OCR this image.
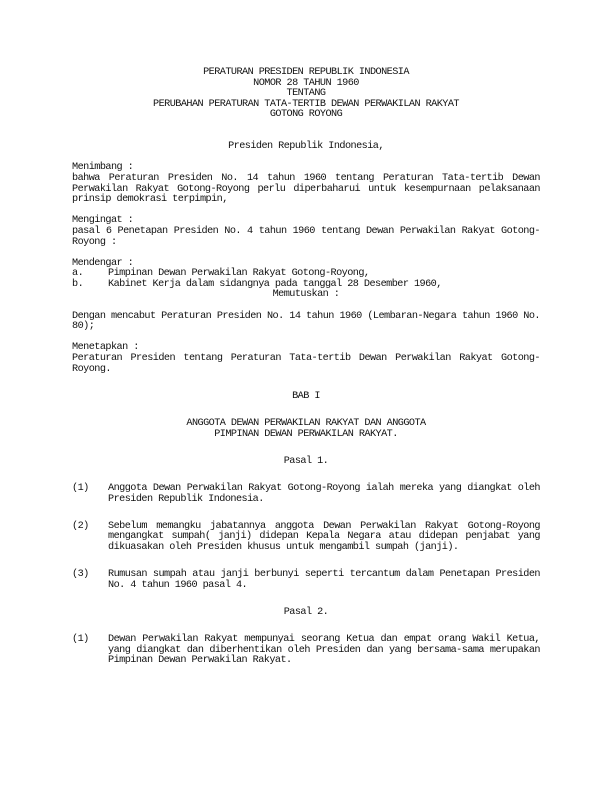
PERATURAN PRESIDEN REPUBLIK INDONESIA
NOMOR 28 TAHUN 1960
TENTANG
PERUBAHAN PERATURAN TATA-TERTIB DEWAN PERWAKILAN RAKYAT
GOTONG ROYONG
Presiden Republik Indonesia,
Menimbang :
bahwa Peraturan Presiden No. 14 tahun 1960 tentang Peraturan Tata-tertib Dewan Perwakilan Rakyat Gotong-Royong perlu diperbaharui untuk kesempurnaan pelaksanaan prinsip demokrasi terpimpin,
Mengingat :
pasal 6 Penetapan Presiden No. 4 tahun 1960 tentang Dewan Perwakilan Rakyat Gotong-Royong :
Mendengar :
a.	Pimpinan Dewan Perwakilan Rakyat Gotong-Royong,
b.	Kabinet Kerja dalam sidangnya pada tanggal 28 Desember 1960,
Memutuskan :
Dengan mencabut Peraturan Presiden No. 14 tahun 1960 (Lembaran-Negara tahun 1960 No. 80);
Menetapkan :
Peraturan Presiden tentang Peraturan Tata-tertib Dewan Perwakilan Rakyat Gotong-Royong.
BAB I
ANGGOTA DEWAN PERWAKILAN RAKYAT DAN ANGGOTA
PIMPINAN DEWAN PERWAKILAN RAKYAT.
Pasal 1.
(1)	Anggota Dewan Perwakilan Rakyat Gotong-Royong ialah mereka yang diangkat oleh Presiden Republik Indonesia.
(2)	Sebelum memangku jabatannya anggota Dewan Perwakilan Rakyat Gotong-Royong mengangkat sumpah( janji) didepan Kepala Negara atau didepan penjabat yang dikuasakan oleh Presiden khusus untuk mengambil sumpah (janji).
(3)	Rumusan sumpah atau janji berbunyi seperti tercantum dalam Penetapan Presiden No. 4 tahun 1960 pasal 4.
Pasal 2.
(1)	Dewan Perwakilan Rakyat mempunyai seorang Ketua dan empat orang Wakil Ketua, yang diangkat dan diberhentikan oleh Presiden dan yang bersama-sama merupakan Pimpinan Dewan Perwakilan Rakyat.
